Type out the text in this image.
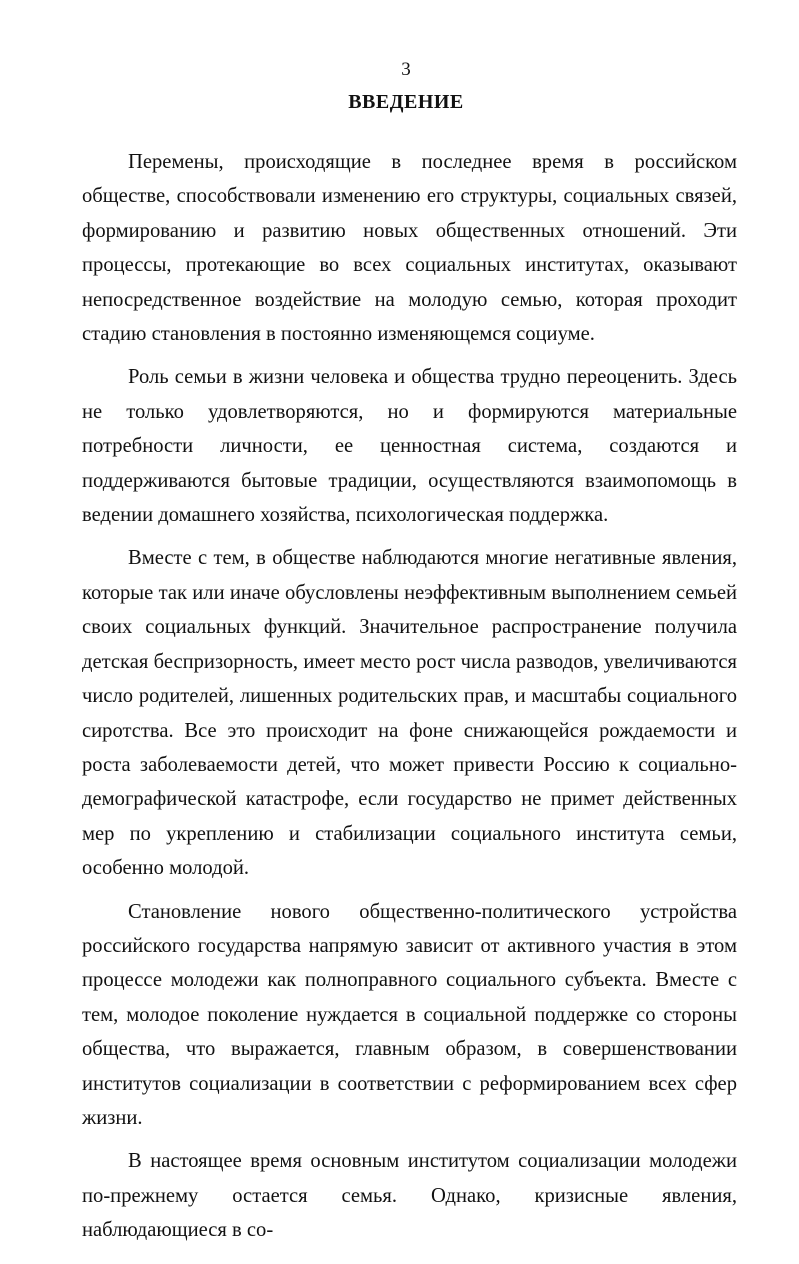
3
ВВЕДЕНИЕ

Перемены, происходящие в последнее время в российском обществе, способствовали изменению его структуры, социальных связей, формированию и развитию новых общественных отношений. Эти процессы, протекающие во всех социальных институтах, оказывают непосредственное воздействие на молодую семью, которая проходит стадию становления в постоянно изменяющемся социуме.

Роль семьи в жизни человека и общества трудно переоценить. Здесь не только удовлетворяются, но и формируются материальные потребности личности, ее ценностная система, создаются и поддерживаются бытовые традиции, осуществляются взаимопомощь в ведении домашнего хозяйства, психологическая поддержка.

Вместе с тем, в обществе наблюдаются многие негативные явления, которые так или иначе обусловлены неэффективным выполнением семьей своих социальных функций. Значительное распространение получила детская беспризорность, имеет место рост числа разводов, увеличиваются число родителей, лишенных родительских прав, и масштабы социального сиротства. Все это происходит на фоне снижающейся рождаемости и роста заболеваемости детей, что может привести Россию к социально-демографической катастрофе, если государство не примет действенных мер по укреплению и стабилизации социального института семьи, особенно молодой.

Становление нового общественно-политического устройства российского государства напрямую зависит от активного участия в этом процессе молодежи как полноправного социального субъекта. Вместе с тем, молодое поколение нуждается в социальной поддержке со стороны общества, что выражается, главным образом, в совершенствовании институтов социализации в соответствии с реформированием всех сфер жизни.

В настоящее время основным институтом социализации молодежи по-прежнему остается семья. Однако, кризисные явления, наблюдающиеся в со-
